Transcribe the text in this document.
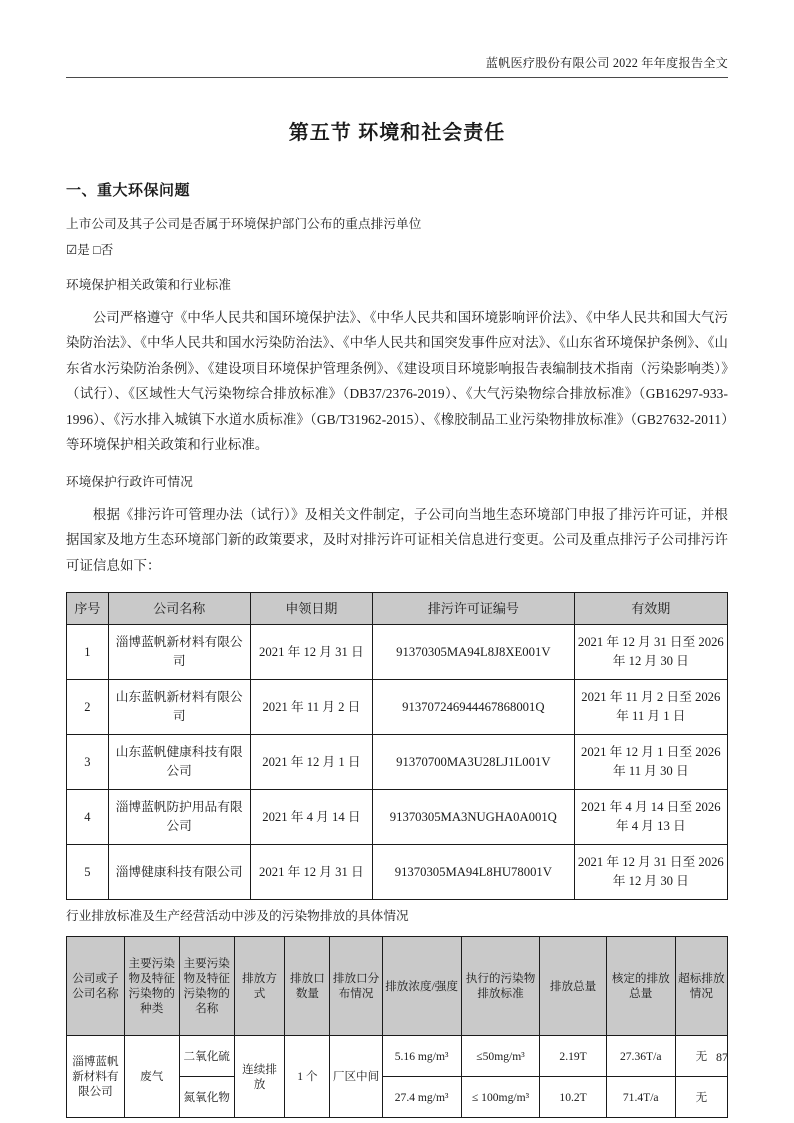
蓝帆医疗股份有限公司 2022 年年度报告全文
第五节 环境和社会责任
一、重大环保问题
上市公司及其子公司是否属于环境保护部门公布的重点排污单位
☑是 □否
环境保护相关政策和行业标准
公司严格遵守《中华人民共和国环境保护法》、《中华人民共和国环境影响评价法》、《中华人民共和国大气污染防治法》、《中华人民共和国水污染防治法》、《中华人民共和国突发事件应对法》、《山东省环境保护条例》、《山东省水污染防治条例》、《建设项目环境保护管理条例》、《建设项目环境影响报告表编制技术指南（污染影响类）》（试行）、《区域性大气污染物综合排放标准》（DB37/2376-2019）、《大气污染物综合排放标准》（GB16297-933-1996）、《污水排入城镇下水道水质标准》（GB/T31962-2015）、《橡胶制品工业污染物排放标准》（GB27632-2011）等环境保护相关政策和行业标准。
环境保护行政许可情况
根据《排污许可管理办法（试行）》及相关文件制定，子公司向当地生态环境部门申报了排污许可证，并根据国家及地方生态环境部门新的政策要求，及时对排污许可证相关信息进行变更。公司及重点排污子公司排污许可证信息如下：
序号	公司名称	申领日期	排污许可证编号	有效期
1	淄博蓝帆新材料有限公司	2021 年 12 月 31 日	91370305MA94L8J8XE001V	2021 年 12 月 31 日至 2026 年 12 月 30 日
2	山东蓝帆新材料有限公司	2021 年 11 月 2 日	913707246944467868001Q	2021 年 11 月 2 日至 2026 年 11 月 1 日
3	山东蓝帆健康科技有限公司	2021 年 12 月 1 日	91370700MA3U28LJ1L001V	2021 年 12 月 1 日至 2026 年 11 月 30 日
4	淄博蓝帆防护用品有限公司	2021 年 4 月 14 日	91370305MA3NUGHA0A001Q	2021 年 4 月 14 日至 2026 年 4 月 13 日
5	淄博健康科技有限公司	2021 年 12 月 31 日	91370305MA94L8HU78001V	2021 年 12 月 31 日至 2026 年 12 月 30 日
行业排放标准及生产经营活动中涉及的污染物排放的具体情况
公司或子公司名称	主要污染物及特征污染物的种类	主要污染物及特征污染物的名称	排放方式	排放口数量	排放口分布情况	排放浓度/强度	执行的污染物排放标准	排放总量	核定的排放总量	超标排放情况
淄博蓝帆新材料有限公司	废气	二氧化硫	连续排放	1 个	厂区中间	5.16 mg/m³	≤50mg/m³	2.19T	27.36T/a	无
		氮氧化物				27.4 mg/m³	≤ 100mg/m³	10.2T	71.4T/a	无
87
